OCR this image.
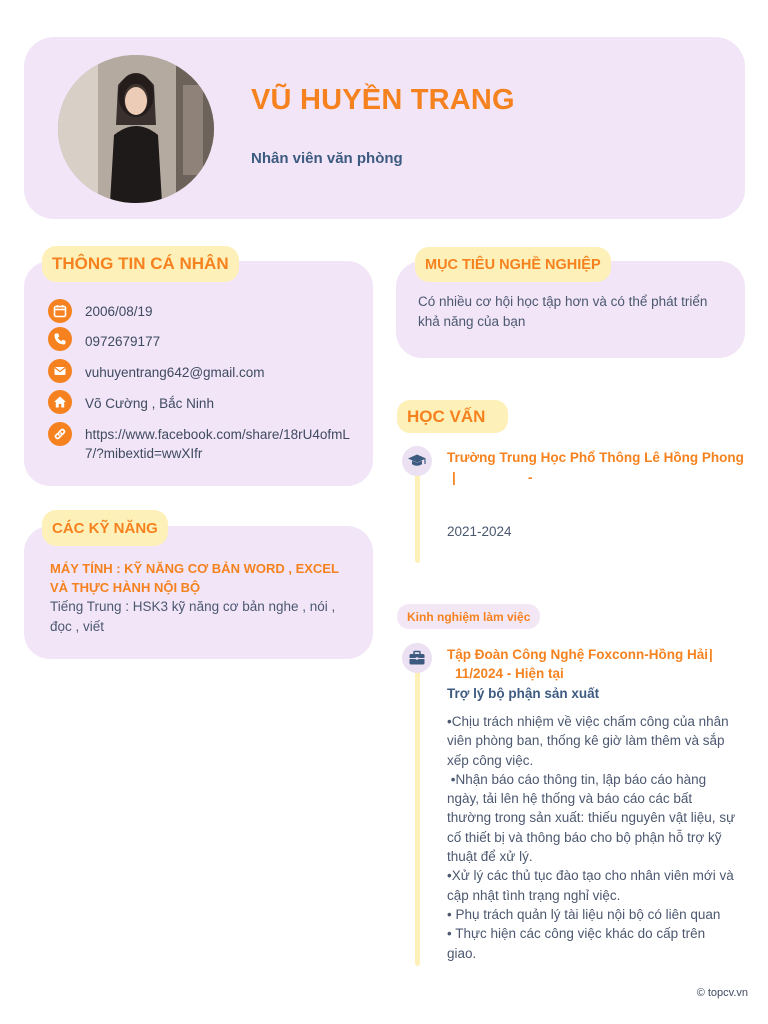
VŨ HUYỀN TRANG
Nhân viên văn phòng
THÔNG TIN CÁ NHÂN
2006/08/19
0972679177
vuhuyentrang642@gmail.com
Võ Cường , Bắc Ninh
https://www.facebook.com/share/18rU4ofmL7/?mibextid=wwXIfr
CÁC KỸ NĂNG
MÁY TÍNH : KỸ NĂNG CƠ BẢN WORD , EXCEL VÀ THỰC HÀNH NỘI BỘ
Tiếng Trung : HSK3 kỹ năng cơ bản nghe , nói , đọc , viết
MỤC TIÊU NGHỀ NGHIỆP
Có nhiều cơ hội học tập hơn và có thể phát triển khả năng của bạn
HỌC VẤN
Trường Trung Học Phổ Thông Lê Hồng Phong
|	-
2021-2024
Kinh nghiệm làm việc
Tập Đoàn Công Nghệ Foxconn-Hồng Hải |
11/2024 - Hiện tại
Trợ lý bộ phận sản xuất
•Chịu trách nhiệm về việc chấm công của nhân viên phòng ban, thống kê giờ làm thêm và sắp xếp công việc.
•Nhận báo cáo thông tin, lập báo cáo hàng ngày, tải lên hệ thống và báo cáo các bất thường trong sản xuất: thiếu nguyên vật liệu, sự cố thiết bị và thông báo cho bộ phận hỗ trợ kỹ thuật để xử lý.
•Xử lý các thủ tục đào tạo cho nhân viên mới và cập nhật tình trạng nghỉ việc.
• Phụ trách quản lý tài liệu nội bộ có liên quan
• Thực hiện các công việc khác do cấp trên giao.
© topcv.vn
